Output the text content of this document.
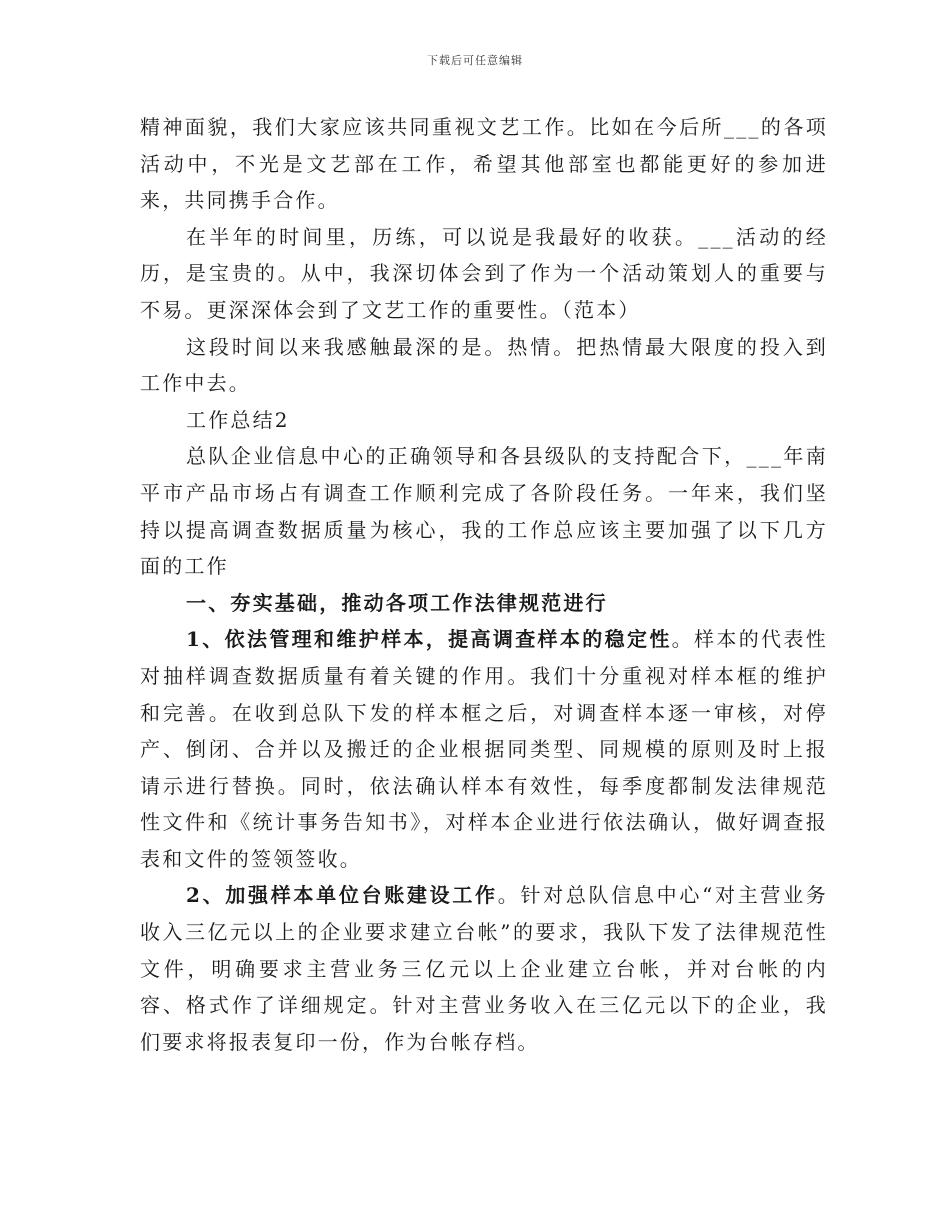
下载后可任意编辑

精神面貌，我们大家应该共同重视文艺工作。比如在今后所___的各项活动中，不光是文艺部在工作，希望其他部室也都能更好的参加进来，共同携手合作。

在半年的时间里，历练，可以说是我最好的收获。___活动的经历，是宝贵的。从中，我深切体会到了作为一个活动策划人的重要与不易。更深深体会到了文艺工作的重要性。（范本）

这段时间以来我感触最深的是。热情。把热情最大限度的投入到工作中去。

工作总结2

总队企业信息中心的正确领导和各县级队的支持配合下，___年南平市产品市场占有调查工作顺利完成了各阶段任务。一年来，我们坚持以提高调查数据质量为核心，我的工作总应该主要加强了以下几方面的工作

一、夯实基础，推动各项工作法律规范进行

1、依法管理和维护样本，提高调查样本的稳定性。样本的代表性对抽样调查数据质量有着关键的作用。我们十分重视对样本框的维护和完善。在收到总队下发的样本框之后，对调查样本逐一审核，对停产、倒闭、合并以及搬迁的企业根据同类型、同规模的原则及时上报请示进行替换。同时，依法确认样本有效性，每季度都制发法律规范性文件和《统计事务告知书》，对样本企业进行依法确认，做好调查报表和文件的签领签收。

2、加强样本单位台账建设工作。针对总队信息中心“对主营业务收入三亿元以上的企业要求建立台帐”的要求，我队下发了法律规范性文件，明确要求主营业务三亿元以上企业建立台帐，并对台帐的内容、格式作了详细规定。针对主营业务收入在三亿元以下的企业，我们要求将报表复印一份，作为台帐存档。
